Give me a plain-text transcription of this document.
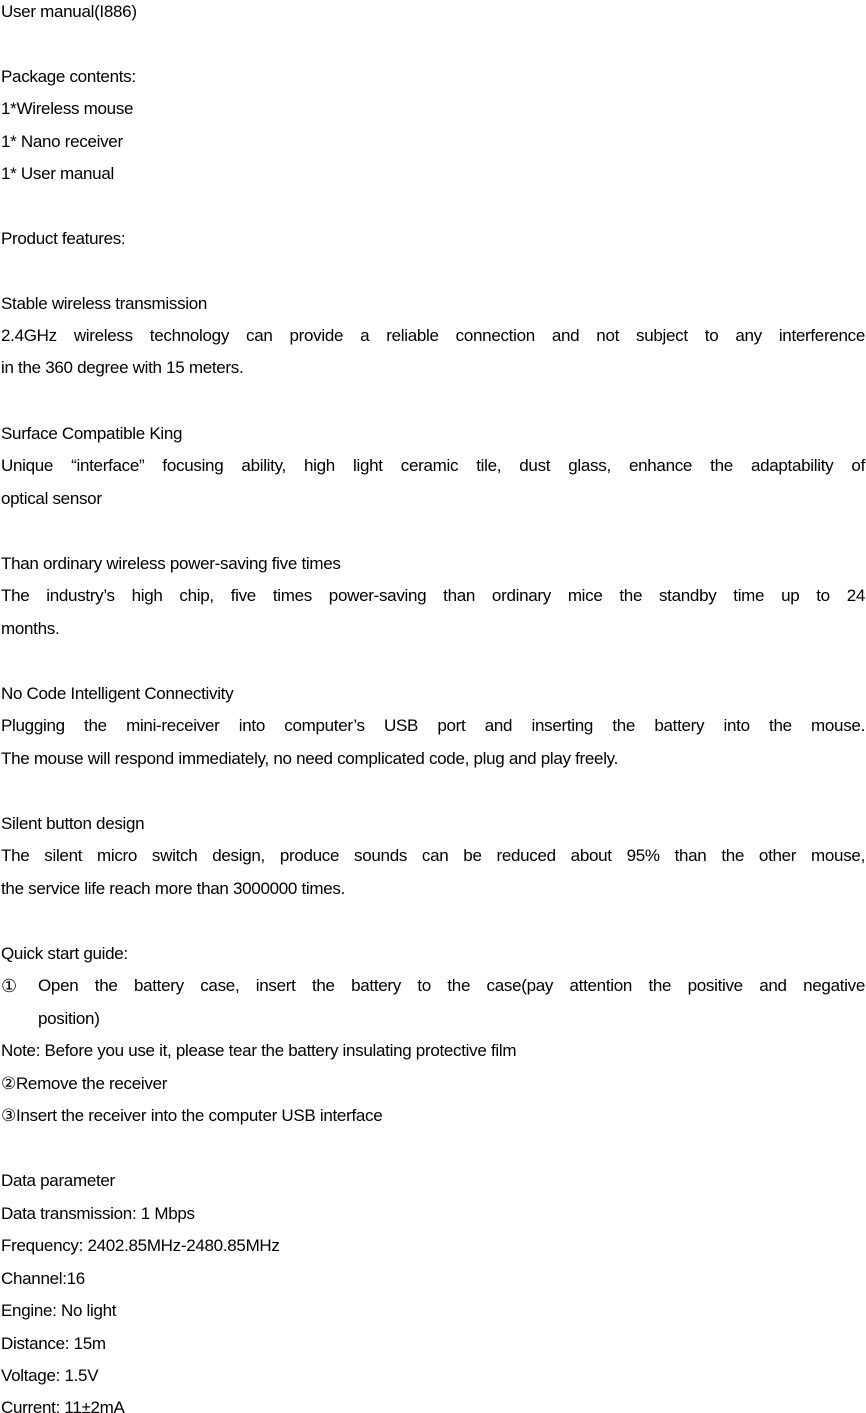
User manual(I886)
Package contents:
1*Wireless mouse
1* Nano receiver
1* User manual
Product features:
Stable wireless transmission
2.4GHz wireless technology can provide a reliable connection and not subject to any interference
in the 360 degree with 15 meters.
Surface Compatible King
Unique “interface” focusing ability, high light ceramic tile, dust glass, enhance the adaptability of
optical sensor
Than ordinary wireless power-saving five times
The industry’s high chip, five times power-saving than ordinary mice the standby time up to 24
months.
No Code Intelligent Connectivity
Plugging the mini-receiver into computer’s USB port and inserting the battery into the mouse.
The mouse will respond immediately, no need complicated code, plug and play freely.
Silent button design
The silent micro switch design, produce sounds can be reduced about 95% than the other mouse,
the service life reach more than 3000000 times.
Quick start guide:
① Open the battery case, insert the battery to the case(pay attention the positive and negative
position)
Note: Before you use it, please tear the battery insulating protective film
②Remove the receiver
③Insert the receiver into the computer USB interface
Data parameter
Data transmission: 1 Mbps
Frequency: 2402.85MHz-2480.85MHz
Channel:16
Engine: No light
Distance: 15m
Voltage: 1.5V
Current: 11±2mA
